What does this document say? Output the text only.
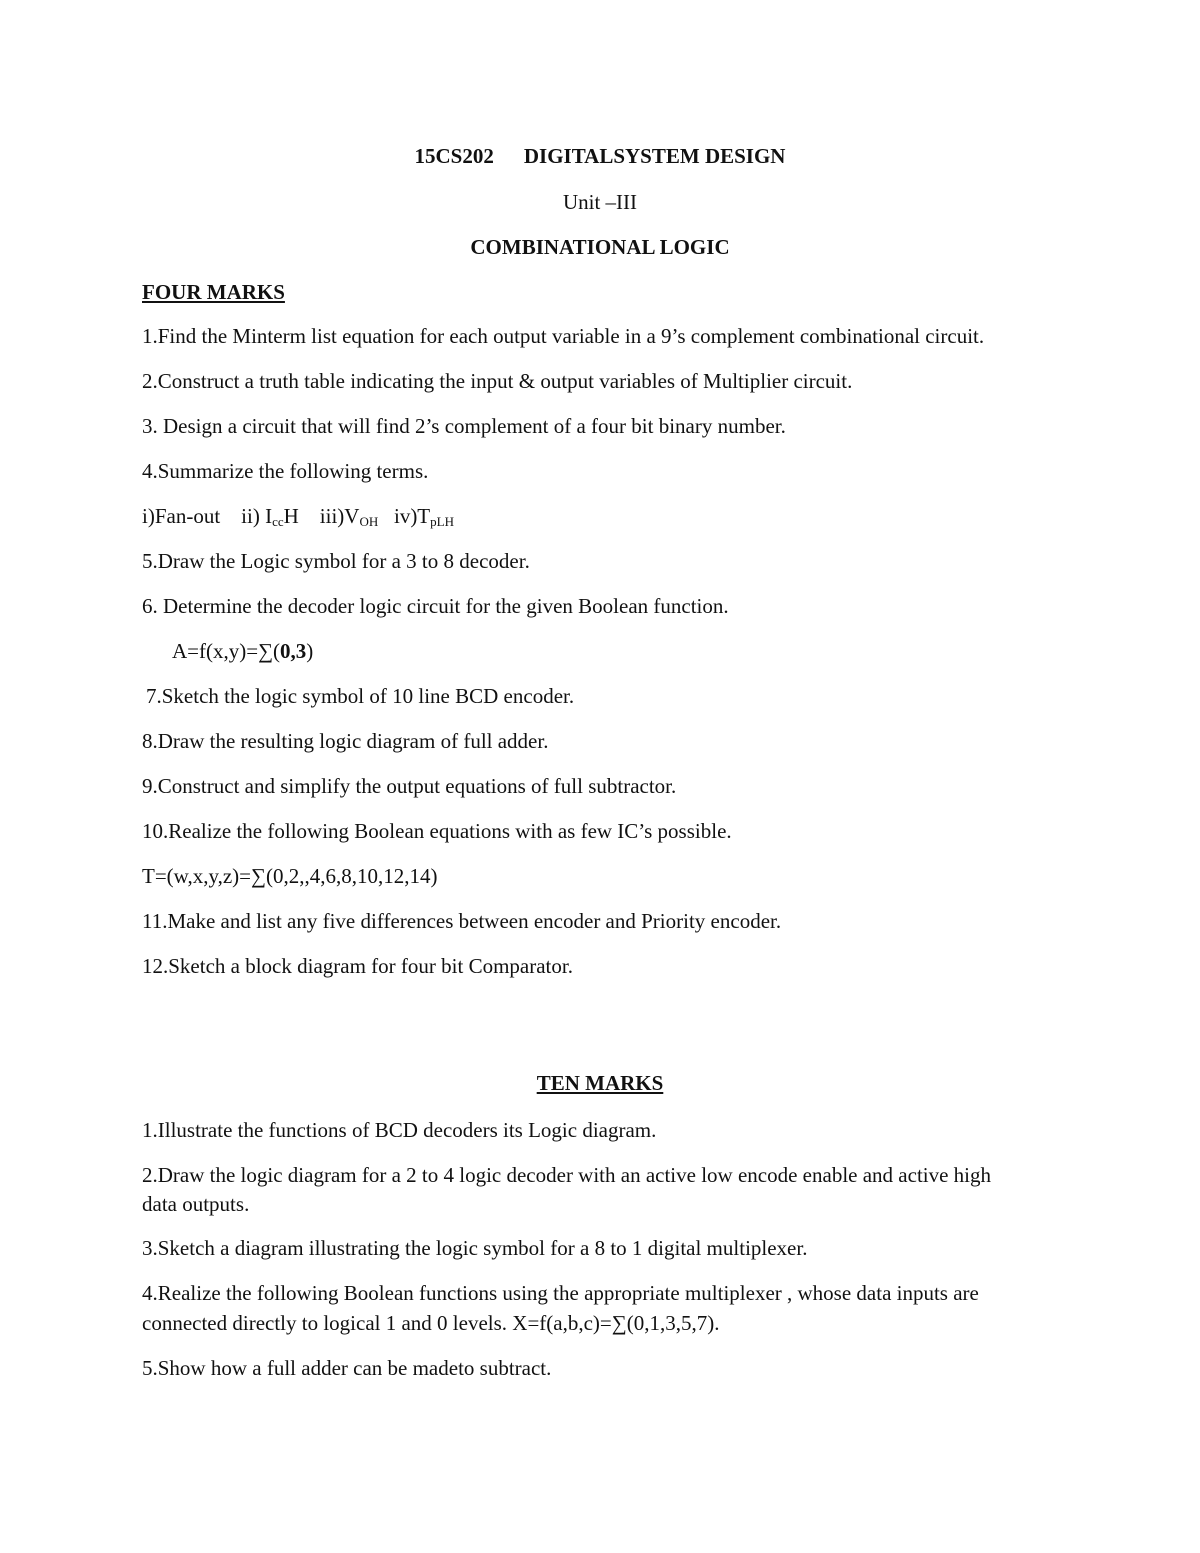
15CS202 DIGITALSYSTEM DESIGN
Unit –III
COMBINATIONAL LOGIC
FOUR MARKS
1.Find the Minterm list equation for each output variable in a 9’s complement combinational circuit.
2.Construct a truth table indicating the input & output variables of Multiplier circuit.
3. Design a circuit that will find 2’s complement of a four bit binary number.
4.Summarize the following terms.
i)Fan-out ii) $I_{cc}H$ $iii)V_{OH}$ $iv)T_{pLH}$
5.Draw the Logic symbol for a 3 to 8 decoder.
6. Determine the decoder logic circuit for the given Boolean function.
A=f(x,y)=∑(0,3)
7.Sketch the logic symbol of 10 line BCD encoder.
8.Draw the resulting logic diagram of full adder.
9.Construct and simplify the output equations of full subtractor.
10.Realize the following Boolean equations with as few IC’s possible.
T=(w,x,y,z)=∑(0,2,,4,6,8,10,12,14)
11.Make and list any five differences between encoder and Priority encoder.
12.Sketch a block diagram for four bit Comparator.
TEN MARKS
1.Illustrate the functions of BCD decoders its Logic diagram.
2.Draw the logic diagram for a 2 to 4 logic decoder with an active low encode enable and active high
data outputs.
3.Sketch a diagram illustrating the logic symbol for a 8 to 1 digital multiplexer.
4.Realize the following Boolean functions using the appropriate multiplexer , whose data inputs are
connected directly to logical 1 and 0 levels. X=f(a,b,c)=∑(0,1,3,5,7).
5.Show how a full adder can be madeto subtract.
